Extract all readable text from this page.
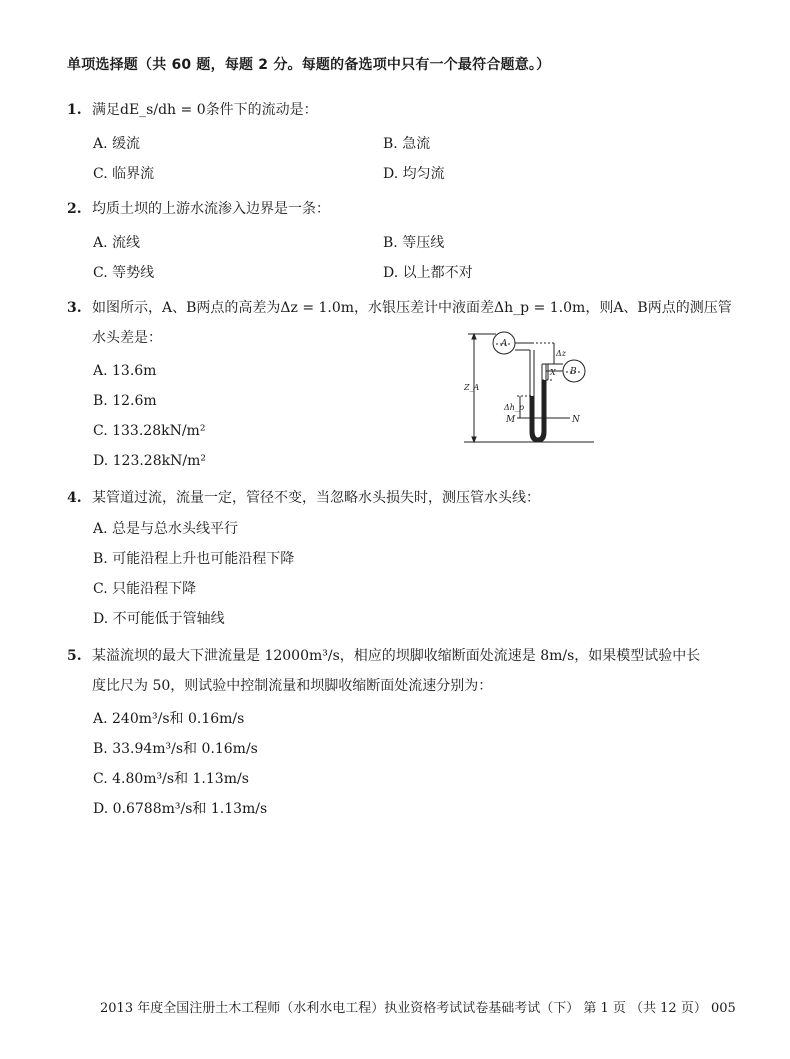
单项选择题（共 60 题，每题 2 分。每题的备选项中只有一个最符合题意。）
1. 满足dE_s/dh = 0条件下的流动是：
A. 缓流	B. 急流
C. 临界流	D. 均匀流
2. 均质土坝的上游水流渗入边界是一条：
A. 流线	B. 等压线
C. 等势线	D. 以上都不对
3. 如图所示，A、B两点的高差为Δz = 1.0m，水银压差计中液面差Δh_p = 1.0m，则A、B两点的测压管
水头差是：
A. 13.6m
B. 12.6m
C. 133.28kN/m²
D. 123.28kN/m²
A
B
Δz
X
Z_A
Δh_p
M	N
4. 某管道过流，流量一定，管径不变，当忽略水头损失时，测压管水头线：
A. 总是与总水头线平行
B. 可能沿程上升也可能沿程下降
C. 只能沿程下降
D. 不可能低于管轴线
5. 某溢流坝的最大下泄流量是 12000m³/s，相应的坝脚收缩断面处流速是 8m/s，如果模型试验中长
度比尺为 50，则试验中控制流量和坝脚收缩断面处流速分别为：
A. 240m³/s和 0.16m/s
B. 33.94m³/s和 0.16m/s
C. 4.80m³/s和 1.13m/s
D. 0.6788m³/s和 1.13m/s
2013 年度全国注册土木工程师（水利水电工程）执业资格考试试卷基础考试（下） 第 1 页 （共 12 页） 005
